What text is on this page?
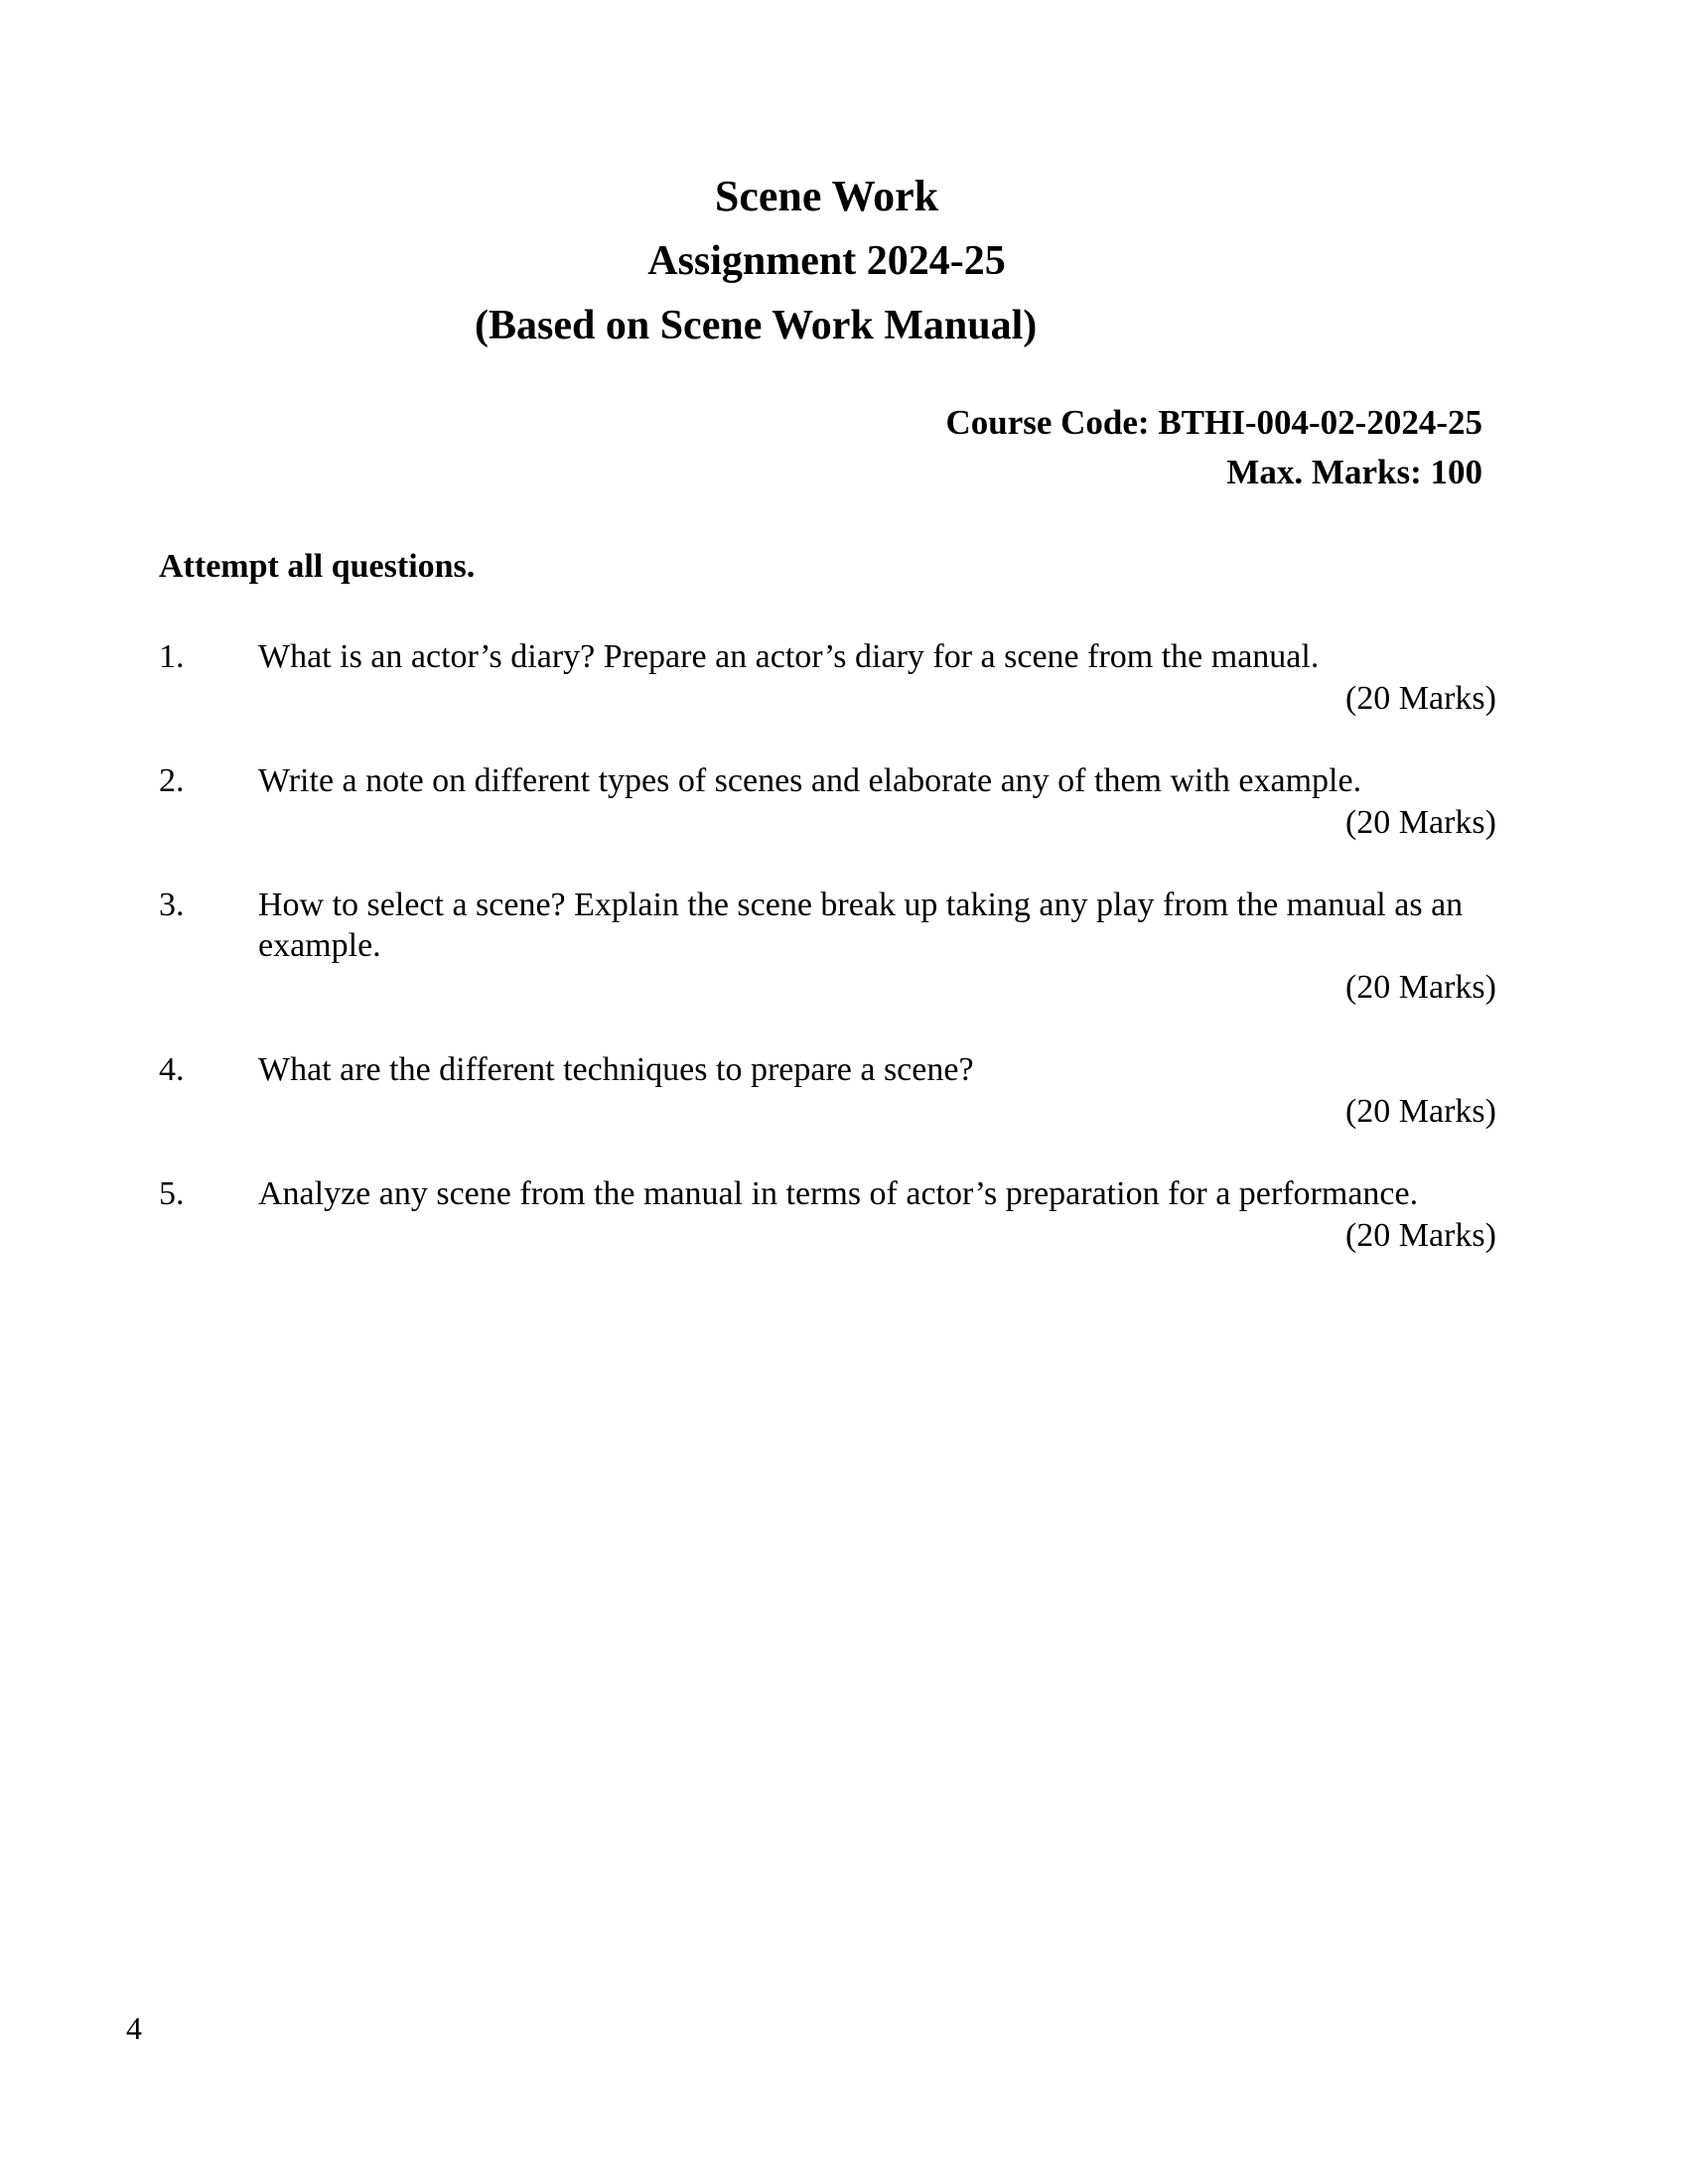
Scene Work
Assignment 2024-25
(Based on Scene Work Manual)
Course Code: BTHI-004-02-2024-25
Max. Marks: 100
Attempt all questions.
1. What is an actor’s diary? Prepare an actor’s diary for a scene from the manual.
(20 Marks)
2. Write a note on different types of scenes and elaborate any of them with example.
(20 Marks)
3. How to select a scene? Explain the scene break up taking any play from the manual as an example.
(20 Marks)
4. What are the different techniques to prepare a scene?
(20 Marks)
5. Analyze any scene from the manual in terms of actor’s preparation for a performance.
(20 Marks)
4
